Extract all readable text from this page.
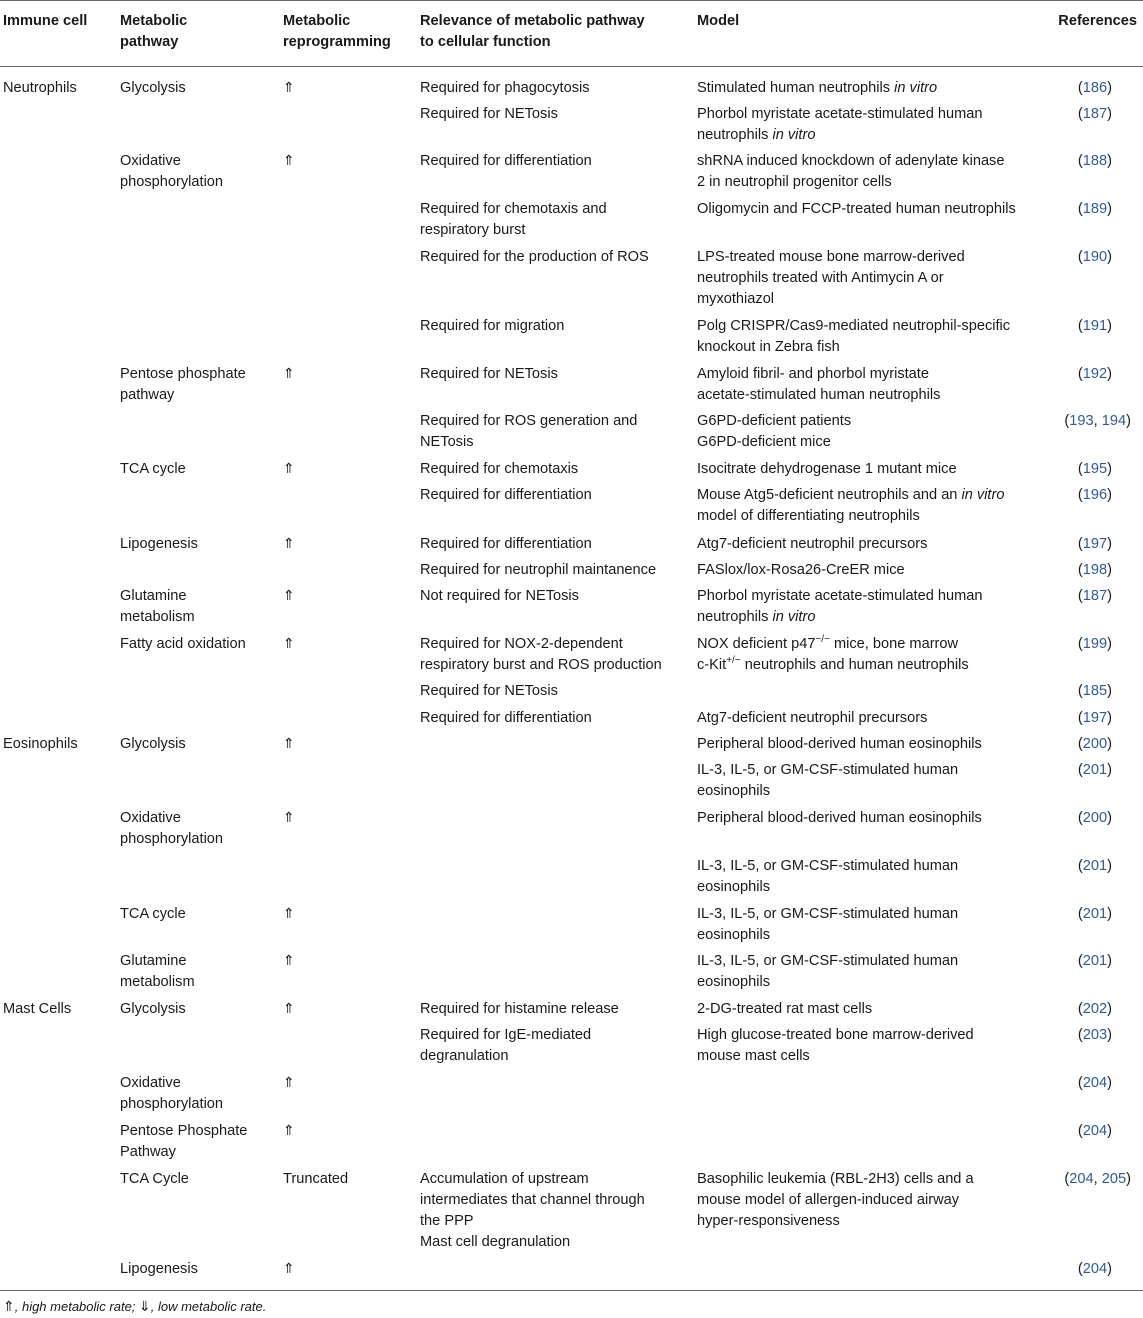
Immune cell Metabolic
pathway
Metabolic
reprogramming
Relevance of metabolic pathway
to cellular function
Model	References
Neutrophils
Eosinophils
Mast Cells
Glycolysis
Oxidative
phosphorylation
Pentose phosphate
pathway
TCA cycle
Lipogenesis
Glutamine
metabolism
Fatty acid oxidation
Glycolysis
Oxidative
phosphorylation
TCA cycle
Glutamine
metabolism
Glycolysis
Oxidative
phosphorylation
Pentose Phosphate
Pathway
TCA Cycle
Lipogenesis
⇑
⇑
⇑
⇑
⇑
⇑
⇑
⇑
⇑
⇑
⇑
⇑
⇑
⇑
Truncated
⇑
Required for phagocytosis
Required for NETosis
Required for differentiation
Required for chemotaxis and
respiratory burst
Required for the production of ROS
Required for migration
Required for NETosis
Required for ROS generation and
NETosis
Required for chemotaxis
Required for differentiation
Required for differentiation
Required for neutrophil maintanence
Not required for NETosis
Required for NOX-2-dependent
respiratory burst and ROS production
Required for NETosis
Required for differentiation
Required for histamine release
Required for IgE-mediated
degranulation
Accumulation of upstream
intermediates that channel through
the PPP
Mast cell degranulation
Stimulated human neutrophils in vitro
Phorbol myristate acetate-stimulated human
neutrophils in vitro
shRNA induced knockdown of adenylate kinase
2 in neutrophil progenitor cells
Oligomycin and FCCP-treated human neutrophils
LPS-treated mouse bone marrow-derived
neutrophils treated with Antimycin A or
myxothiazol
Polg CRISPR/Cas9-mediated neutrophil-specific
knockout in Zebra fish
Amyloid fibril- and phorbol myristate
acetate-stimulated human neutrophils
G6PD-deficient patients
G6PD-deficient mice
Isocitrate dehydrogenase 1 mutant mice
Mouse Atg5-deficient neutrophils and an in vitro
model of differentiating neutrophils
Atg7-deficient neutrophil precursors
FASlox/lox-Rosa26-CreER mice
Phorbol myristate acetate-stimulated human
neutrophils in vitro
NOX deficient p47−/− mice, bone marrow
c-Kit+/− neutrophils and human neutrophils
Atg7-deficient neutrophil precursors
Peripheral blood-derived human eosinophils
IL-3, IL-5, or GM-CSF-stimulated human
eosinophils
Peripheral blood-derived human eosinophils
IL-3, IL-5, or GM-CSF-stimulated human
eosinophils
IL-3, IL-5, or GM-CSF-stimulated human
eosinophils
IL-3, IL-5, or GM-CSF-stimulated human
eosinophils
2-DG-treated rat mast cells
High glucose-treated bone marrow-derived
mouse mast cells
Basophilic leukemia (RBL-2H3) cells and a
mouse model of allergen-induced airway
hyper-responsiveness
(186)
(187)
(188)
(189)
(190)
(191)
(192)
(193, 194)
(195)
(196)
(197)
(198)
(187)
(199)
(185)
(197)
(200)
(201)
(200)
(201)
(201)
(201)
(202)
(203)
(204)
(204)
(204, 205)
(204)
⇑, high metabolic rate; ⇓, low metabolic rate.
